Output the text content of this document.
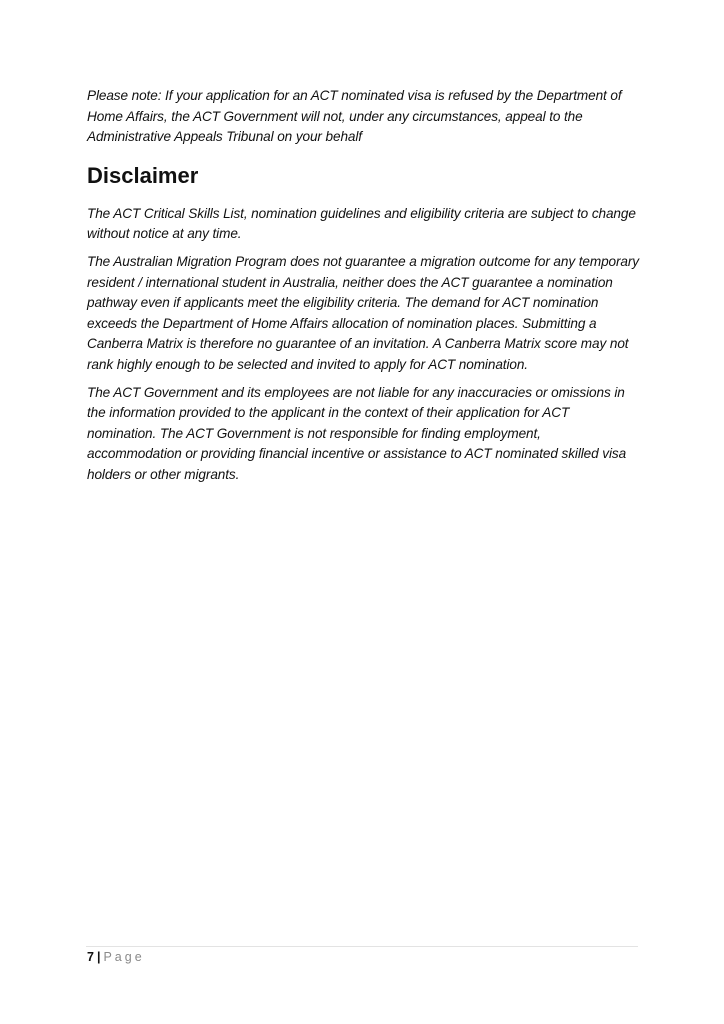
Please note: If your application for an ACT nominated visa is refused by the Department of Home Affairs, the ACT Government will not, under any circumstances, appeal to the Administrative Appeals Tribunal on your behalf

Disclaimer

The ACT Critical Skills List, nomination guidelines and eligibility criteria are subject to change without notice at any time.

The Australian Migration Program does not guarantee a migration outcome for any temporary resident / international student in Australia, neither does the ACT guarantee a nomination pathway even if applicants meet the eligibility criteria. The demand for ACT nomination exceeds the Department of Home Affairs allocation of nomination places. Submitting a Canberra Matrix is therefore no guarantee of an invitation. A Canberra Matrix score may not rank highly enough to be selected and invited to apply for ACT nomination.

The ACT Government and its employees are not liable for any inaccuracies or omissions in the information provided to the applicant in the context of their application for ACT nomination. The ACT Government is not responsible for finding employment, accommodation or providing financial incentive or assistance to ACT nominated skilled visa holders or other migrants.

7 | Page
